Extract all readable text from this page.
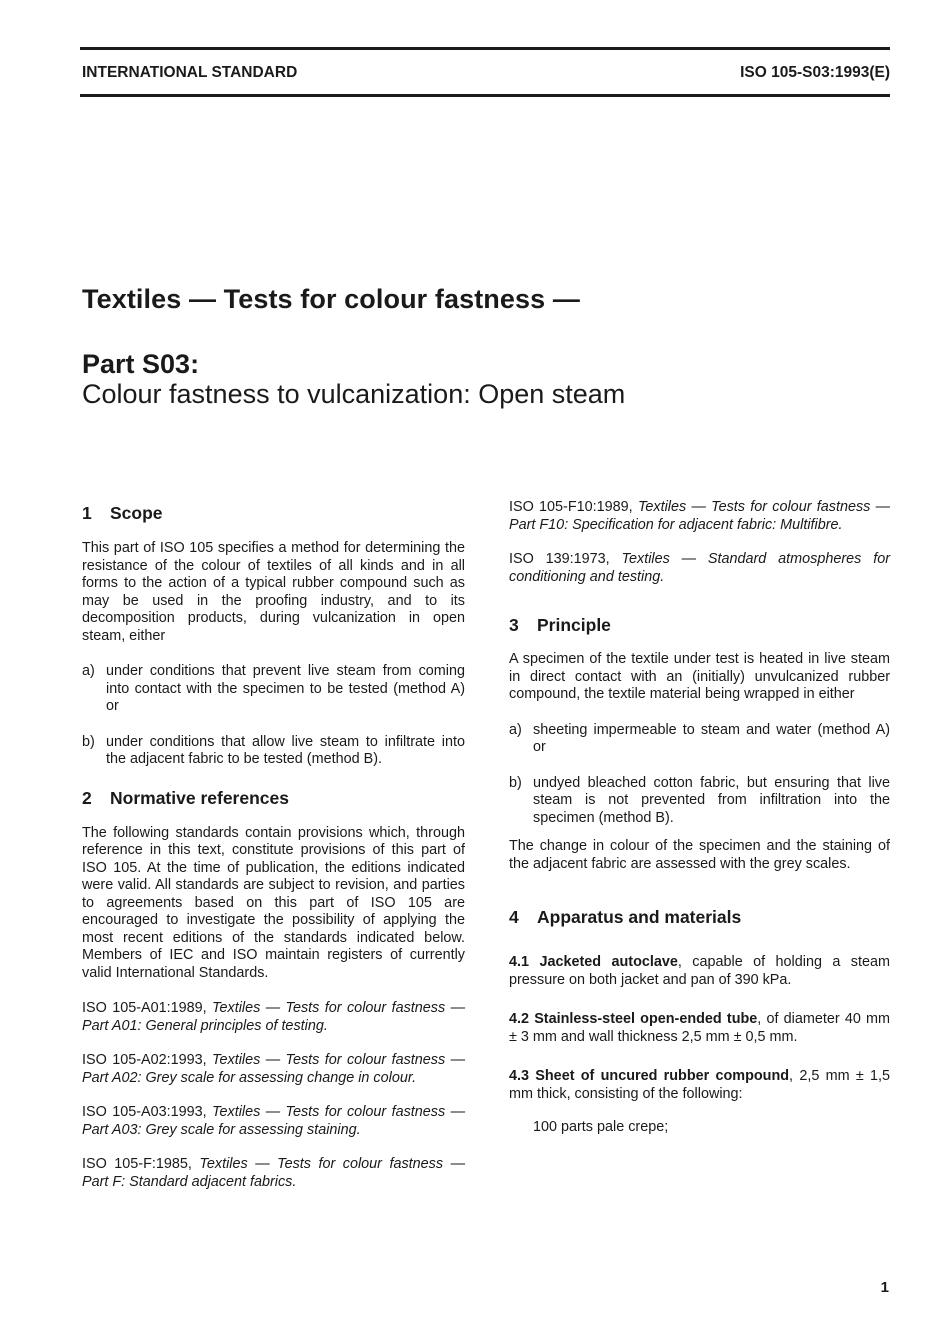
INTERNATIONAL STANDARD	ISO 105-S03:1993(E)
Textiles — Tests for colour fastness —
Part S03:
Colour fastness to vulcanization: Open steam
1 Scope

This part of ISO 105 specifies a method for determining the resistance of the colour of textiles of all kinds and in all forms to the action of a typical rubber compound such as may be used in the proofing industry, and to its decomposition products, during vulcanization in open steam, either

a) under conditions that prevent live steam from coming into contact with the specimen to be tested (method A) or
b) under conditions that allow live steam to infiltrate into the adjacent fabric to be tested (method B).
2 Normative references

The following standards contain provisions which, through reference in this text, constitute provisions of this part of ISO 105. At the time of publication, the editions indicated were valid. All standards are subject to revision, and parties to agreements based on this part of ISO 105 are encouraged to investigate the possibility of applying the most recent editions of the standards indicated below. Members of IEC and ISO maintain registers of currently valid International Standards.

ISO 105-A01:1989, Textiles — Tests for colour fastness — Part A01: General principles of testing.

ISO 105-A02:1993, Textiles — Tests for colour fastness — Part A02: Grey scale for assessing change in colour.

ISO 105-A03:1993, Textiles — Tests for colour fastness — Part A03: Grey scale for assessing staining.

ISO 105-F:1985, Textiles — Tests for colour fastness — Part F: Standard adjacent fabrics.

ISO 105-F10:1989, Textiles — Tests for colour fastness — Part F10: Specification for adjacent fabric: Multifibre.

ISO 139:1973, Textiles — Standard atmospheres for conditioning and testing.

3 Principle

A specimen of the textile under test is heated in live steam in direct contact with an (initially) unvulcanized rubber compound, the textile material being wrapped in either

a) sheeting impermeable to steam and water (method A) or
b) undyed bleached cotton fabric, but ensuring that live steam is not prevented from infiltration into the specimen (method B).

The change in colour of the specimen and the staining of the adjacent fabric are assessed with the grey scales.

4 Apparatus and materials

4.1 Jacketed autoclave, capable of holding a steam pressure on both jacket and pan of 390 kPa.

4.2 Stainless-steel open-ended tube, of diameter 40 mm ± 3 mm and wall thickness 2,5 mm ± 0,5 mm.

4.3 Sheet of uncured rubber compound, 2,5 mm ± 1,5 mm thick, consisting of the following:

100 parts pale crepe;

1
